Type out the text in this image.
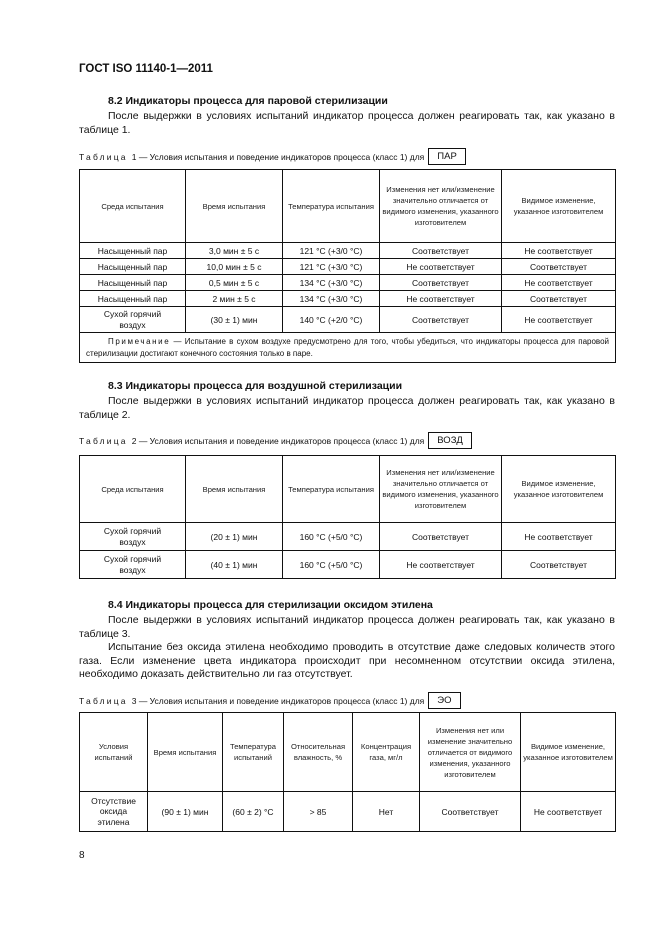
ГОСТ ISO 11140-1—2011
8.2 Индикаторы процесса для паровой стерилизации
После выдержки в условиях испытаний индикатор процесса должен реагировать так, как указано в таблице 1.
Таблица 1 — Условия испытания и поведение индикаторов процесса (класс 1) для	ПАР
Среда испытания	Время испытания	Температура испытания	Изменения нет или/изменение значительно отличается от видимого изменения, указанного изготовителем	Видимое изменение, указанное изготовителем
Насыщенный пар	3,0 мин ± 5 с	121 °С (+3/0 °С)	Соответствует	Не соответствует
Насыщенный пар	10,0 мин ± 5 с	121 °С (+3/0 °С)	Не соответствует	Соответствует
Насыщенный пар	0,5 мин ± 5 с	134 °С (+3/0 °С)	Соответствует	Не соответствует
Насыщенный пар	2 мин ± 5 с	134 °С (+3/0 °С)	Не соответствует	Соответствует
Сухой горячий воздух	(30 ± 1) мин	140 °С (+2/0 °С)	Соответствует	Не соответствует
Примечание — Испытание в сухом воздухе предусмотрено для того, чтобы убедиться, что индикаторы процесса для паровой стерилизации достигают конечного состояния только в паре.				
8.3 Индикаторы процесса для воздушной стерилизации
После выдержки в условиях испытаний индикатор процесса должен реагировать так, как указано в таблице 2.
Таблица 2 — Условия испытания и поведение индикаторов процесса (класс 1) для	ВОЗД
Среда испытания	Время испытания	Температура испытания	Изменения нет или/изменение значительно отличается от видимого изменения, указанного изготовителем	Видимое изменение, указанное изготовителем
Сухой горячий воздух	(20 ± 1) мин	160 °С (+5/0 °С)	Соответствует	Не соответствует
Сухой горячий воздух	(40 ± 1) мин	160 °С (+5/0 °С)	Не соответствует	Соответствует
8.4 Индикаторы процесса для стерилизации оксидом этилена
После выдержки в условиях испытаний индикатор процесса должен реагировать так, как указано в таблице 3.
Испытание без оксида этилена необходимо проводить в отсутствие даже следовых количеств этого газа. Если изменение цвета индикатора происходит при несомненном отсутствии оксида этилена, необходимо доказать действительно ли газ отсутствует.
Таблица 3 — Условия испытания и поведение индикаторов процесса (класс 1) для	ЭО
Условия испытаний	Время испытания	Температура испытаний	Относительная влажность, %	Концентрация газа, мг/л	Изменения нет или изменение значительно отличается от видимого изменения, указанного изготовителем	Видимое изменение, указанное изготовителем
Отсутствие оксида этилена	(90 ± 1) мин	(60 ± 2) °С	> 85	Нет	Соответствует	Не соответствует
8
